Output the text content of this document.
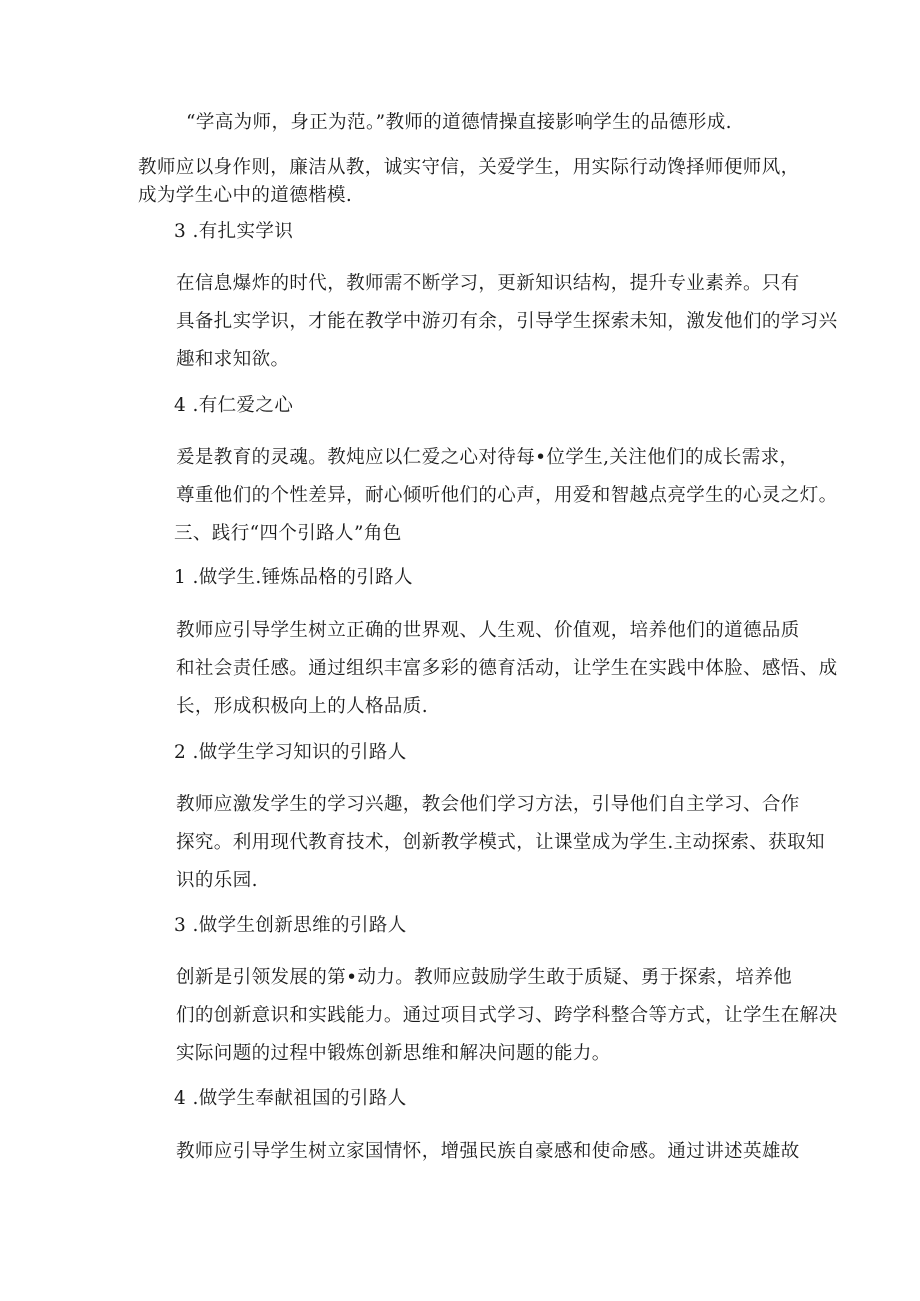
“学高为师，身正为范。”教师的道德情操直接影响学生的品德形成.
教师应以身作则，廉洁从教，诚实守信，关爱学生，用实际行动馋择师便师风，
成为学生心中的道德楷模.
3 .有扎实学识
在信息爆炸的时代，教师需不断学习，更新知识结构，提升专业素养。只有
具备扎实学识，才能在教学中游刃有余，引导学生探索未知，激发他们的学习兴
趣和求知欲。
4 .有仁爱之心
爰是教育的灵魂。教炖应以仁爱之心对待每•位学生,关注他们的成长需求，
尊重他们的个性差异，耐心倾听他们的心声，用爱和智越点亮学生的心灵之灯。
三、践行“四个引路人”角色
1 .做学生.锤炼品格的引路人
教师应引导学生树立正确的世界观、人生观、价值观，培养他们的道德品质
和社会责任感。通过组织丰富多彩的德育活动，让学生在实践中体脸、感悟、成
长，形成积极向上的人格品质.
2 .做学生学习知识的引路人
教师应激发学生的学习兴趣，教会他们学习方法，引导他们自主学习、合作
探究。利用现代教育技术，创新教学模式，让课堂成为学生.主动探索、获取知
识的乐园.
3 .做学生创新思维的引路人
创新是引领发展的第•动力。教师应鼓励学生敢于质疑、勇于探索，培养他
们的创新意识和实践能力。通过项目式学习、跨学科整合等方式，让学生在解决
实际问题的过程中锻炼创新思维和解决问题的能力。
4 .做学生奉献祖国的引路人
教师应引导学生树立家国情怀，增强民族自豪感和使命感。通过讲述英雄故
